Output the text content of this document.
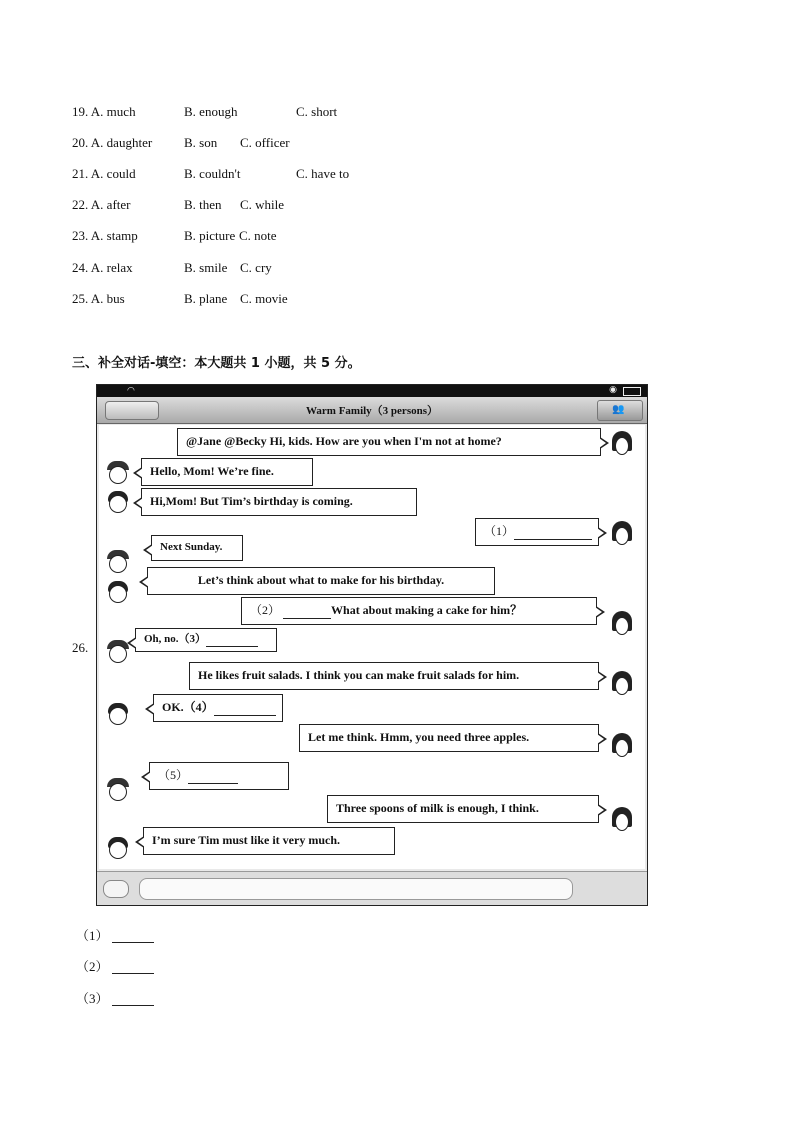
19. A. much	B. enough	C. short
20. A. daughter B. son C. officer
21. A. could	B. couldn't	C. have to
22. A. after	B. then C. while
23. A. stamp	B. picture C. note
24. A. relax	B. smile C. cry
25. A. bus	B. plane C. movie
三、补全对话-填空：本大题共 1 小题，共 5 分。
26.
◠	◉
Warm Family（3 persons）	👥
@Jane @Becky Hi, kids. How are you when I'm not at home?
Hello, Mom! We’re fine.
Hi,Mom! But Tim’s birthday is coming.
（1）
Next Sunday.
Let’s think about what to make for his birthday.
（2）	What about making a cake for him？
Oh, no.（3）
He likes fruit salads. I think you can make fruit salads for him.
OK.（4）
Let me think. Hmm, you need three apples.
（5）
Three spoons of milk is enough, I think.
I’m sure Tim must like it very much.
（1）
（2）
（3）
